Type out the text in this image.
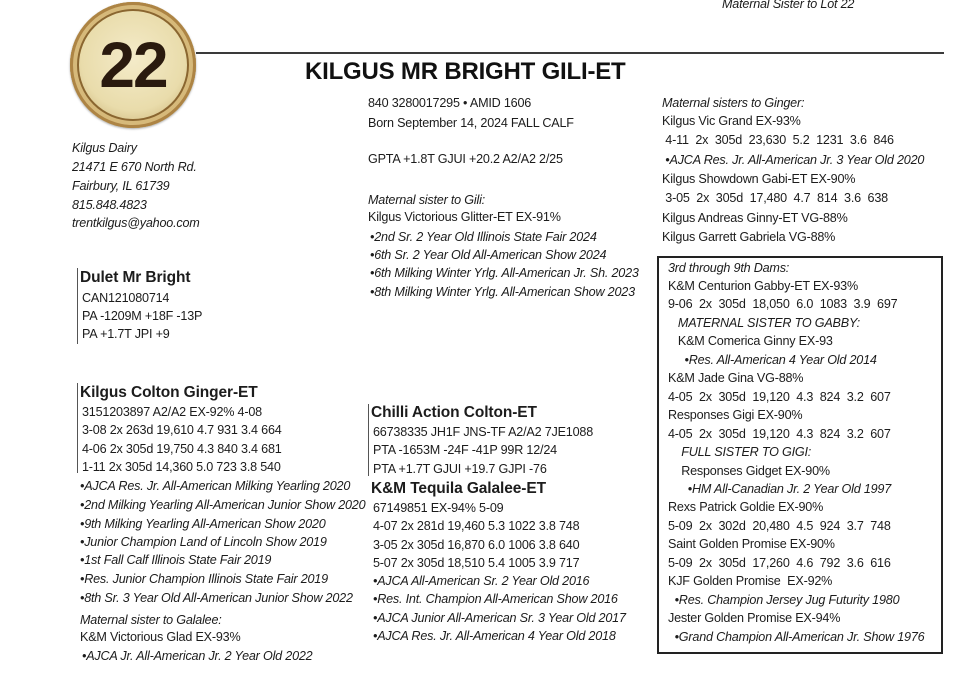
Maternal Sister to Lot 22
22	KILGUS MR BRIGHT GILI-ET
840 3280017295 • AMID 1606
Born September 14, 2024 FALL CALF
GPTA +1.8T GJUI +20.2 A2/A2 2/25
Kilgus Dairy
21471 E 670 North Rd.
Fairbury, IL 61739
815.848.4823
trentkilgus@yahoo.com
Maternal sister to Gili:
Kilgus Victorious Glitter-ET EX-91%
•2nd Sr. 2 Year Old Illinois State Fair 2024
•6th Sr. 2 Year Old All-American Show 2024
•6th Milking Winter Yrlg. All-American Jr. Sh. 2023
•8th Milking Winter Yrlg. All-American Show 2023
Dulet Mr Bright
CAN121080714
PA -1209M +18F -13P
PA +1.7T JPI +9
Kilgus Colton Ginger-ET
3151203897 A2/A2 EX-92% 4-08
3-08 2x 263d 19,610 4.7 931 3.4 664
4-06 2x 305d 19,750 4.3 840 3.4 681
1-11 2x 305d 14,360 5.0 723 3.8 540
•AJCA Res. Jr. All-American Milking Yearling 2020
•2nd Milking Yearling All-American Junior Show 2020
•9th Milking Yearling All-American Show 2020
•Junior Champion Land of Lincoln Show 2019
•1st Fall Calf Illinois State Fair 2019
•Res. Junior Champion Illinois State Fair 2019
•8th Sr. 3 Year Old All-American Junior Show 2022
Maternal sister to Galalee:
K&M Victorious Glad EX-93%
•AJCA Jr. All-American Jr. 2 Year Old 2022
Chilli Action Colton-ET
66738335 JH1F JNS-TF A2/A2 7JE1088
PTA -1653M -24F -41P 99R 12/24
PTA +1.7T GJUI +19.7 GJPI -76
K&M Tequila Galalee-ET
67149851 EX-94% 5-09
4-07 2x 281d 19,460 5.3 1022 3.8 748
3-05 2x 305d 16,870 6.0 1006 3.8 640
5-07 2x 305d 18,510 5.4 1005 3.9 717
•AJCA All-American Sr. 2 Year Old 2016
•Res. Int. Champion All-American Show 2016
•AJCA Junior All-American Sr. 3 Year Old 2017
•AJCA Res. Jr. All-American 4 Year Old 2018
Maternal sisters to Ginger:
Kilgus Vic Grand EX-93%
4-11  2x  305d  23,630  5.2  1231  3.6  846
•AJCA Res. Jr. All-American Jr. 3 Year Old 2020
Kilgus Showdown Gabi-ET EX-90%
3-05  2x  305d  17,480  4.7  814  3.6  638
Kilgus Andreas Ginny-ET VG-88%
Kilgus Garrett Gabriela VG-88%
3rd through 9th Dams:
K&M Centurion Gabby-ET EX-93%
9-06  2x  305d  18,050  6.0  1083  3.9  697
MATERNAL SISTER TO GABBY:
K&M Comerica Ginny EX-93
•Res. All-American 4 Year Old 2014
K&M Jade Gina VG-88%
4-05  2x  305d  19,120  4.3  824  3.2  607
Responses Gigi EX-90%
4-05  2x  305d  19,120  4.3  824  3.2  607
FULL SISTER TO GIGI:
Responses Gidget EX-90%
•HM All-Canadian Jr. 2 Year Old 1997
Rexs Patrick Goldie EX-90%
5-09  2x  302d  20,480  4.5  924  3.7  748
Saint Golden Promise EX-90%
5-09  2x  305d  17,260  4.6  792  3.6  616
KJF Golden Promise  EX-92%
•Res. Champion Jersey Jug Futurity 1980
Jester Golden Promise EX-94%
•Grand Champion All-American Jr. Show 1976
